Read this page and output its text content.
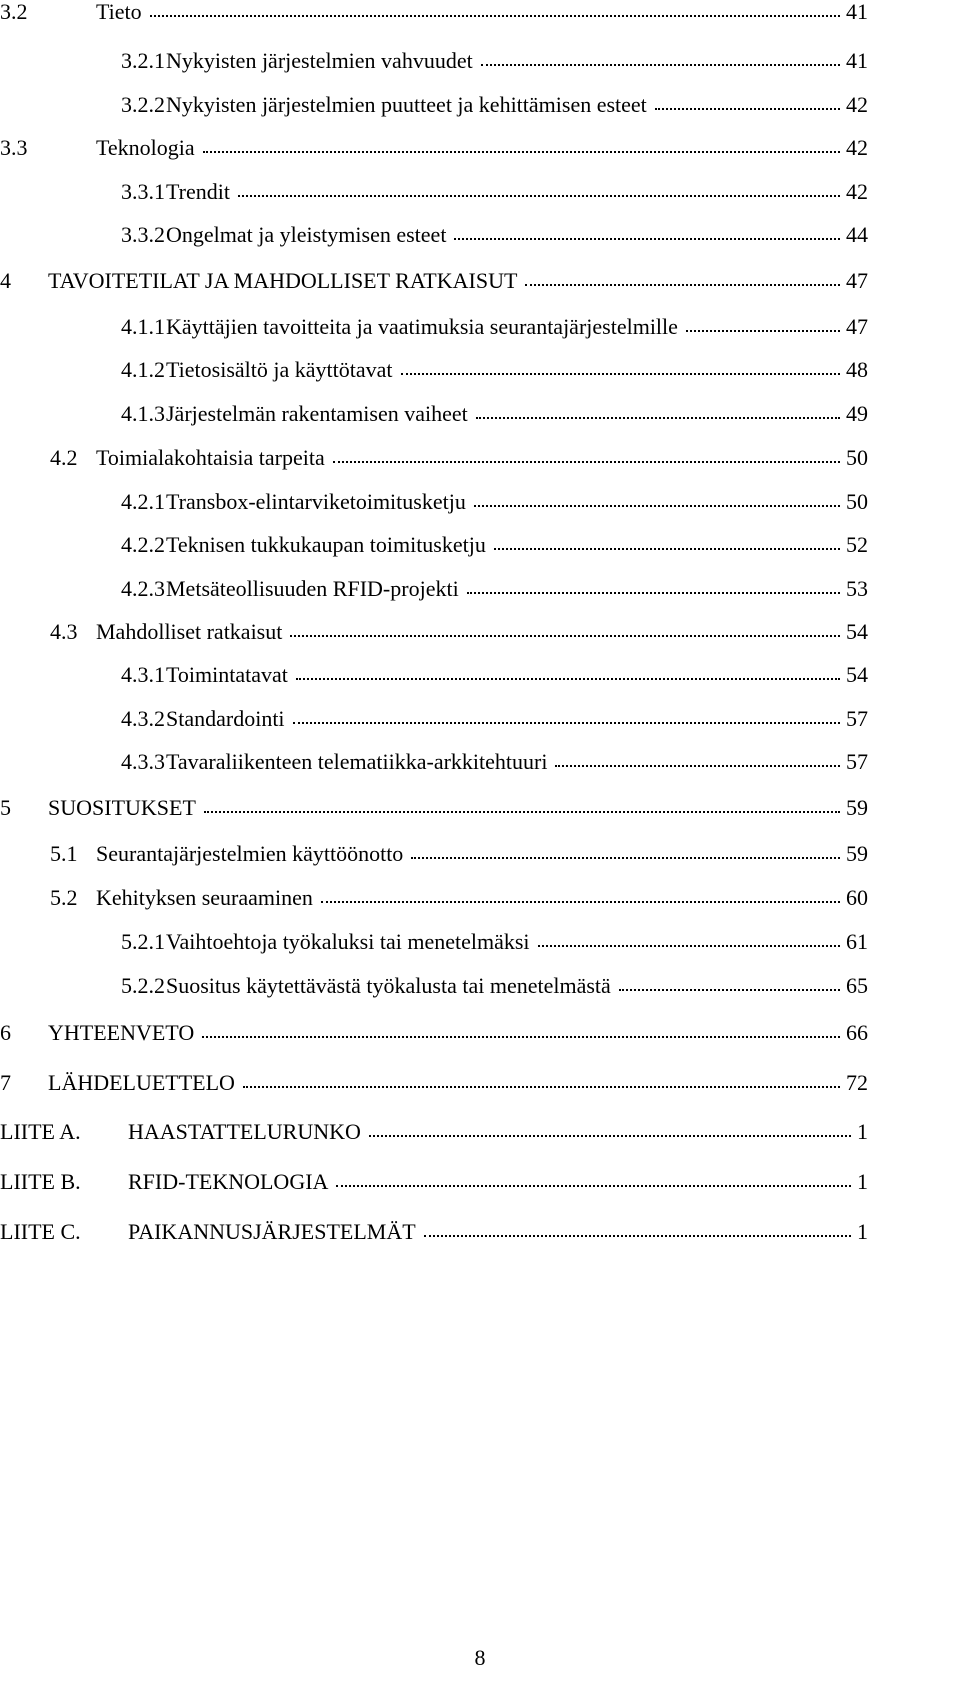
3.2	Tieto	41
3.2.1 Nykyisten järjestelmien vahvuudet	41
3.2.2 Nykyisten järjestelmien puutteet ja kehittämisen esteet	42
3.3	Teknologia	42
3.3.1 Trendit	42
3.3.2 Ongelmat ja yleistymisen esteet	44
4	TAVOITETILAT JA MAHDOLLISET RATKAISUT	47
4.1.1 Käyttäjien tavoitteita ja vaatimuksia seurantajärjestelmille	47
4.1.2 Tietosisältö ja käyttötavat	48
4.1.3 Järjestelmän rakentamisen vaiheet	49
4.2 Toimialakohtaisia tarpeita	50
4.2.1 Transbox-elintarviketoimitusketju	50
4.2.2 Teknisen tukkukaupan toimitusketju	52
4.2.3 Metsäteollisuuden RFID-projekti	53
4.3 Mahdolliset ratkaisut	54
4.3.1 Toimintatavat	54
4.3.2 Standardointi	57
4.3.3 Tavaraliikenteen telematiikka-arkkitehtuuri	57
5	SUOSITUKSET	59
5.1 Seurantajärjestelmien käyttöönotto	59
5.2 Kehityksen seuraaminen	60
5.2.1 Vaihtoehtoja työkaluksi tai menetelmäksi	61
5.2.2 Suositus käytettävästä työkalusta tai menetelmästä	65
6	YHTEENVETO	66
7	LÄHDELUETTELO	72
LIITE A.	HAASTATTELURUNKO	1
LIITE B.	RFID-TEKNOLOGIA	1
LIITE C.	PAIKANNUSJÄRJESTELMÄT	1
8
